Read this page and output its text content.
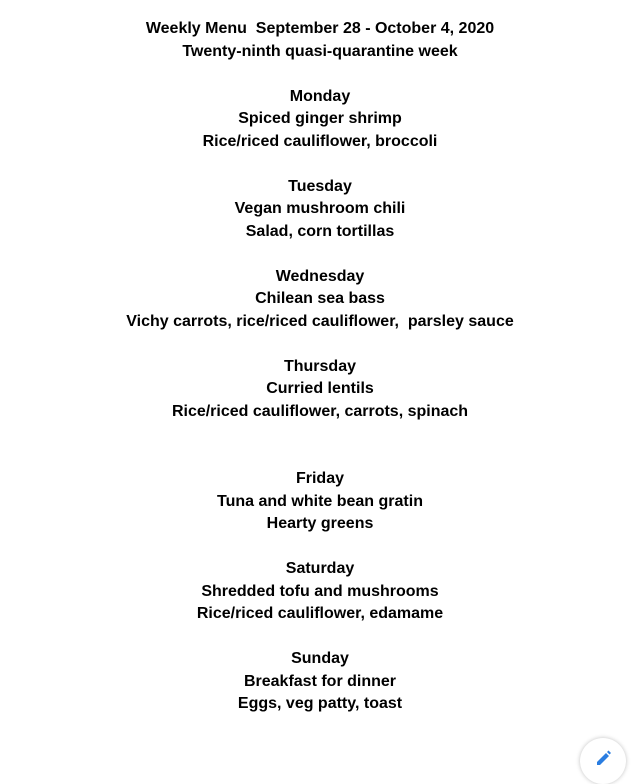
Weekly Menu  September 28 - October 4, 2020
Twenty-ninth quasi-quarantine week
Monday
Spiced ginger shrimp
Rice/riced cauliflower, broccoli
Tuesday
Vegan mushroom chili
Salad, corn tortillas
Wednesday
Chilean sea bass
Vichy carrots, rice/riced cauliflower,  parsley sauce
Thursday
Curried lentils
Rice/riced cauliflower, carrots, spinach
Friday
Tuna and white bean gratin
Hearty greens
Saturday
Shredded tofu and mushrooms
Rice/riced cauliflower, edamame
Sunday
Breakfast for dinner
Eggs, veg patty, toast
